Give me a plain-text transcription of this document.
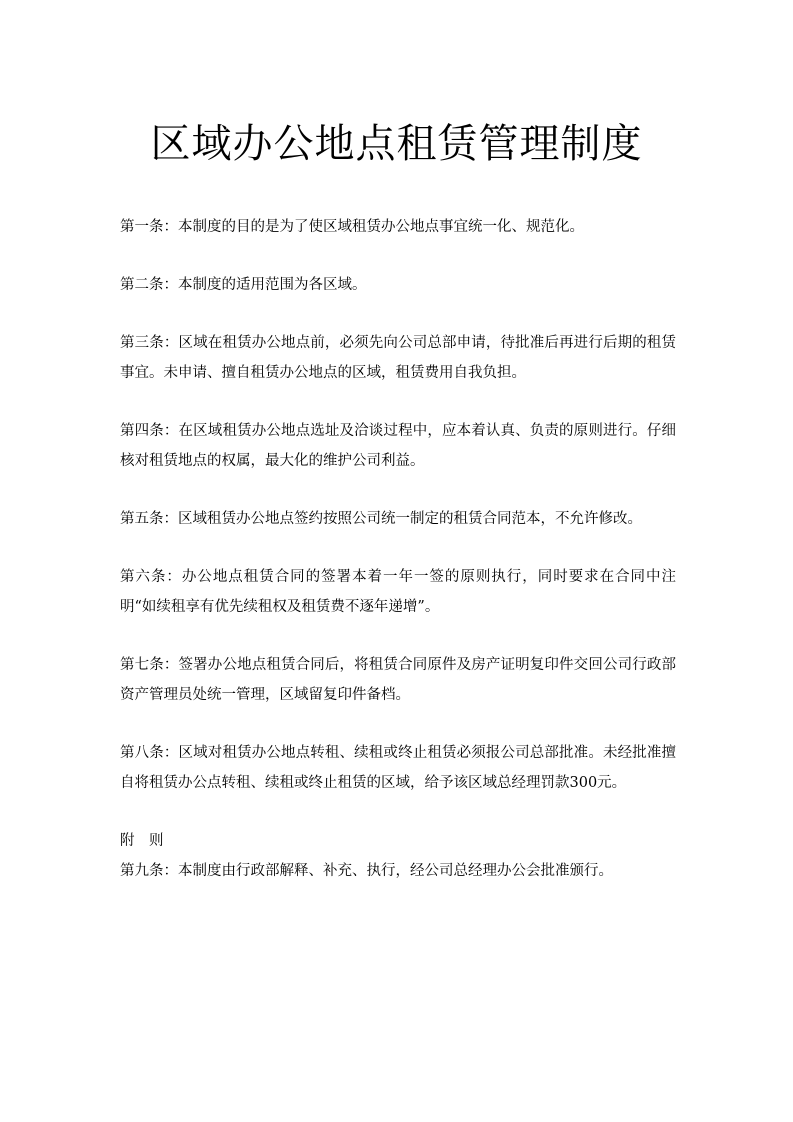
区域办公地点租赁管理制度

第一条：本制度的目的是为了使区域租赁办公地点事宜统一化、规范化。

第二条：本制度的适用范围为各区域。

第三条：区域在租赁办公地点前，必须先向公司总部申请，待批准后再进行后期的租赁事宜。未申请、擅自租赁办公地点的区域，租赁费用自我负担。

第四条：在区域租赁办公地点选址及洽谈过程中，应本着认真、负责的原则进行。仔细核对租赁地点的权属，最大化的维护公司利益。

第五条：区域租赁办公地点签约按照公司统一制定的租赁合同范本，不允许修改。

第六条：办公地点租赁合同的签署本着一年一签的原则执行，同时要求在合同中注明“如续租享有优先续租权及租赁费不逐年递增”。

第七条：签署办公地点租赁合同后，将租赁合同原件及房产证明复印件交回公司行政部资产管理员处统一管理，区域留复印件备档。

第八条：区域对租赁办公地点转租、续租或终止租赁必须报公司总部批准。未经批准擅自将租赁办公点转租、续租或终止租赁的区域，给予该区域总经理罚款300元。

附　则

第九条：本制度由行政部解释、补充、执行，经公司总经理办公会批准颁行。
